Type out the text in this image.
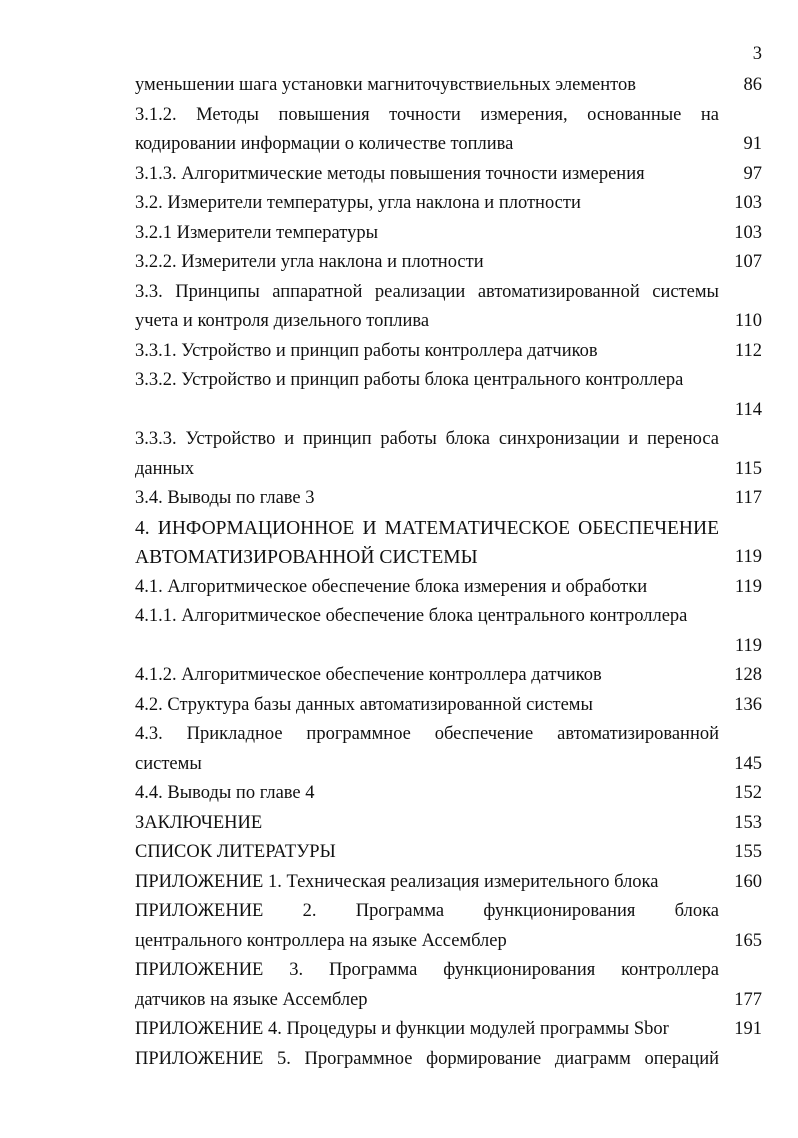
3
уменьшении шага установки магниточувствиельных элементов	86
3.1.2. Методы повышения точности измерения, основанные на
кодировании информации о количестве топлива	91
3.1.3. Алгоритмические методы повышения точности измерения	97
3.2. Измерители температуры, угла наклона и плотности	103
3.2.1 Измерители температуры	103
3.2.2. Измерители угла наклона и плотности	107
3.3. Принципы аппаратной реализации автоматизированной системы
учета и контроля дизельного топлива	110
3.3.1. Устройство и принцип работы контроллера датчиков	112
3.3.2. Устройство и принцип работы блока центрального контроллера
114
3.3.3. Устройство и принцип работы блока синхронизации и переноса
данных	115
3.4. Выводы по главе 3	117
4. ИНФОРМАЦИОННОЕ И МАТЕМАТИЧЕСКОЕ ОБЕСПЕЧЕНИЕ
АВТОМАТИЗИРОВАННОЙ СИСТЕМЫ	119
4.1. Алгоритмическое обеспечение блока измерения и обработки	119
4.1.1. Алгоритмическое обеспечение блока центрального контроллера
119
4.1.2. Алгоритмическое обеспечение контроллера датчиков	128
4.2. Структура базы данных автоматизированной системы	136
4.3. Прикладное программное обеспечение автоматизированной
системы	145
4.4. Выводы по главе 4	152
ЗАКЛЮЧЕНИЕ	153
СПИСОК ЛИТЕРАТУРЫ	155
ПРИЛОЖЕНИЕ 1. Техническая реализация измерительного блока	160
ПРИЛОЖЕНИЕ 2. Программа функционирования блока
центрального контроллера на языке Ассемблер	165
ПРИЛОЖЕНИЕ 3. Программа функционирования контроллера
датчиков на языке Ассемблер	177
ПРИЛОЖЕНИЕ 4. Процедуры и функции модулей программы Sbor	191
ПРИЛОЖЕНИЕ 5. Программное формирование диаграмм операций
